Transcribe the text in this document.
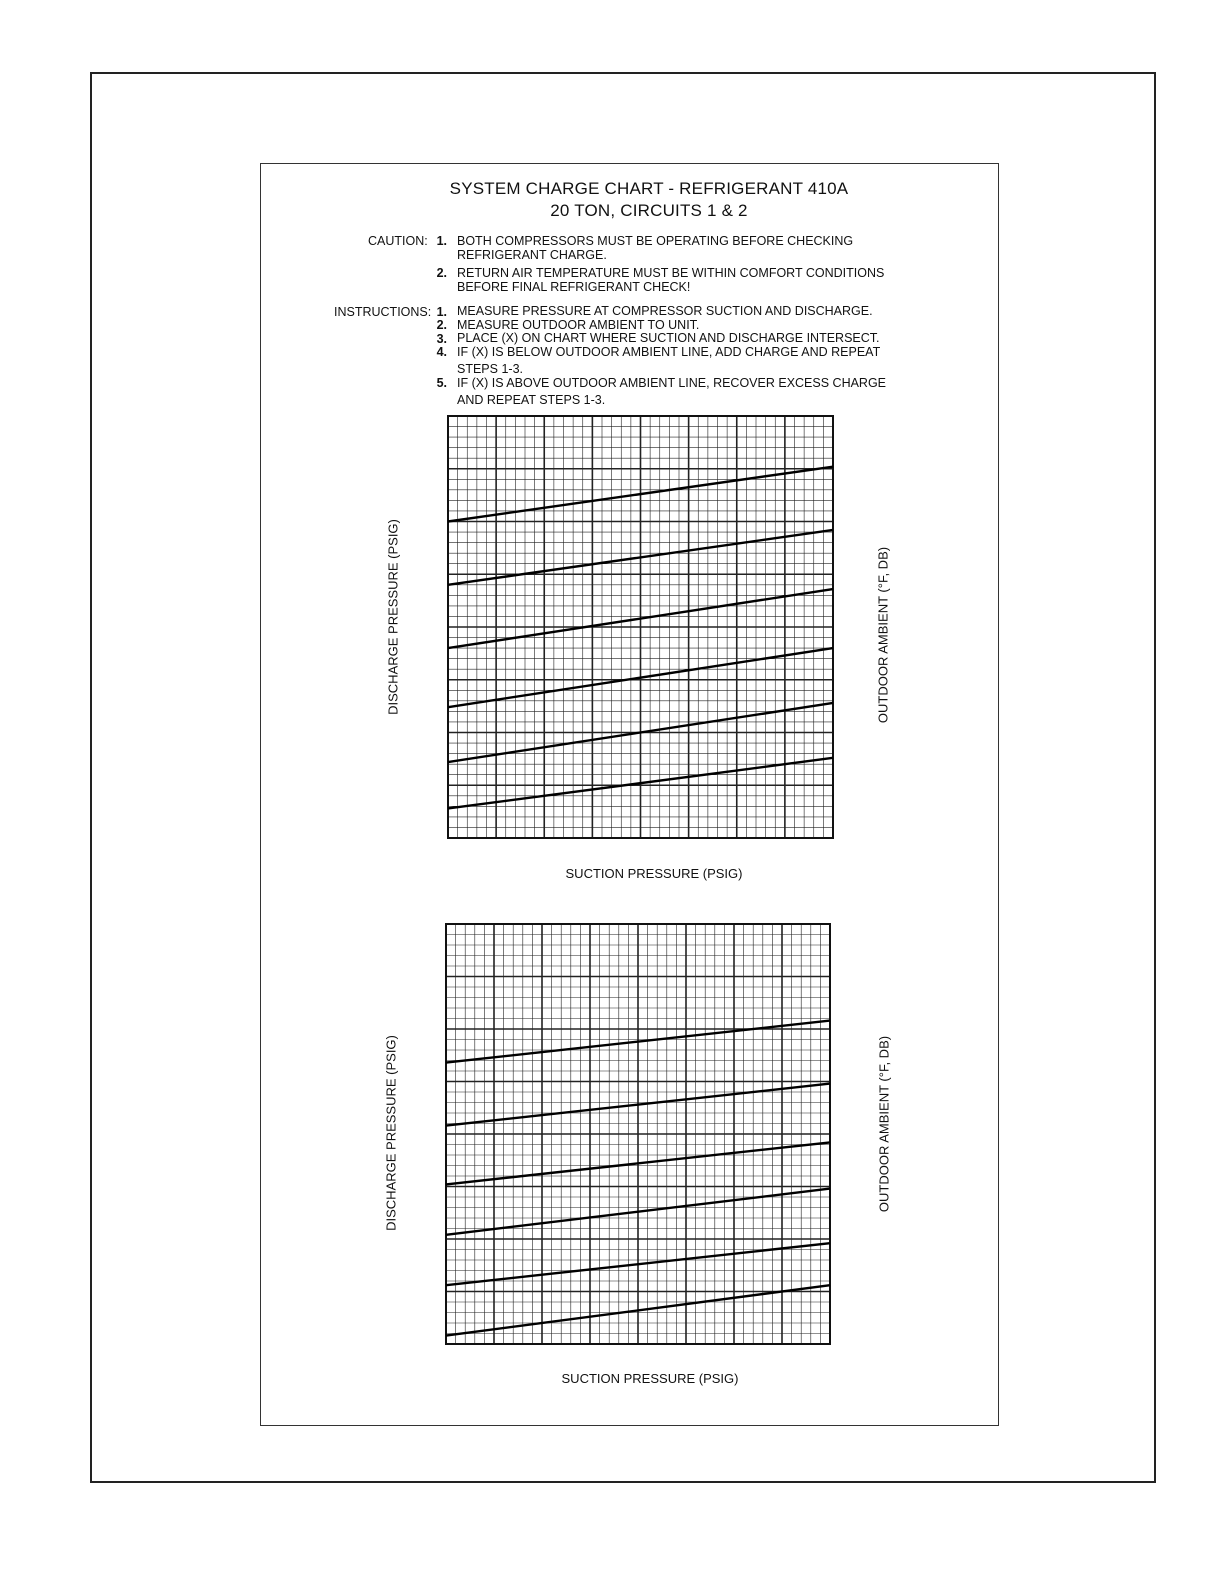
SYSTEM CHARGE CHART - REFRIGERANT 410A
20 TON, CIRCUITS 1 & 2
CAUTION: 1. BOTH COMPRESSORS MUST BE OPERATING BEFORE CHECKING
REFRIGERANT CHARGE.
2. RETURN AIR TEMPERATURE MUST BE WITHIN COMFORT CONDITIONS
BEFORE FINAL REFRIGERANT CHECK!
INSTRUCTIONS: 1. MEASURE PRESSURE AT COMPRESSOR SUCTION AND DISCHARGE.
2. MEASURE OUTDOOR AMBIENT TO UNIT.
3. PLACE (X) ON CHART WHERE SUCTION AND DISCHARGE INTERSECT.
4. IF (X) IS BELOW OUTDOOR AMBIENT LINE, ADD CHARGE AND REPEAT
STEPS 1-3.
5. IF (X) IS ABOVE OUTDOOR AMBIENT LINE, RECOVER EXCESS CHARGE
AND REPEAT STEPS 1-3.
DISCHARGE PRESSURE (PSIG)	OUTDOOR AMBIENT (°F, DB)
SUCTION PRESSURE (PSIG)
DISCHARGE PRESSURE (PSIG)	OUTDOOR AMBIENT (°F, DB)
SUCTION PRESSURE (PSIG)
